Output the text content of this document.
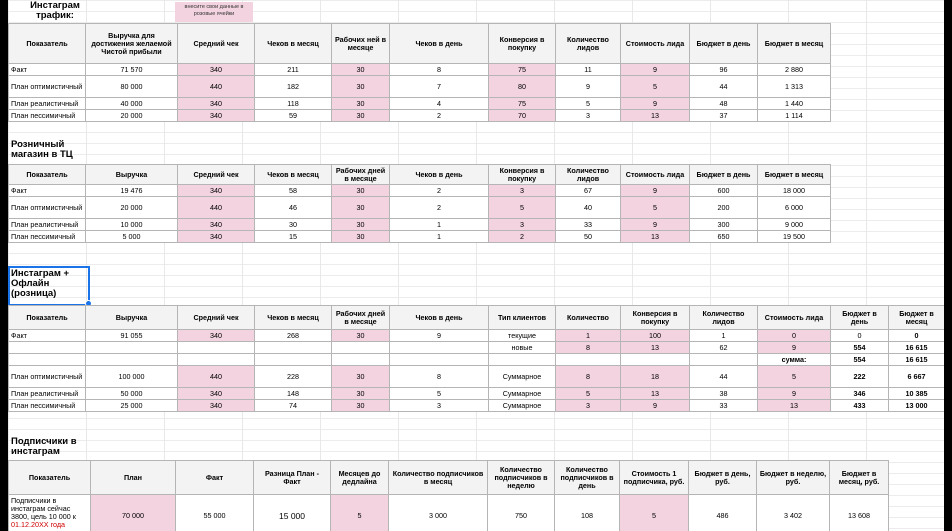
Инстаграм
трафик:
внесите свои данные в розовые ячейки
Показатель	Выручка для достижения желаемой Чистой прибыли	Средний чек	Чеков в месяц	Рабочих ней в месяце	Чеков в день	Конверсия в покупку	Количество лидов	Стоимость лида	Бюджет в день	Бюджет в месяц
Факт	71 570	340	211	30	8	75	11	9	96	2 880
План оптимистичный	80 000	440	182	30	7	80	9	5	44	1 313
План реалистичный	40 000	340	118	30	4	75	5	9	48	1 440
План пессимичный	20 000	340	59	30	2	70	3	13	37	1 114
Розничный
магазин в ТЦ
Показатель	Выручка	Средний чек	Чеков в месяц	Рабочих дней в месяце	Чеков в день	Конверсия в покупку	Количество лидов	Стоимость лида	Бюджет в день	Бюджет в месяц
Факт	19 476	340	58	30	2	3	67	9	600	18 000
План оптимистичный	20 000	440	46	30	2	5	40	5	200	6 000
План реалистичный	10 000	340	30	30	1	3	33	9	300	9 000
План пессимичный	5 000	340	15	30	1	2	50	13	650	19 500
Инстаграм +
Офлайн
(розница)
Показатель	Выручка	Средний чек	Чеков в месяц	Рабочих дней в месяце	Чеков в день	Тип клиентов	Количество	Конверсия в покупку	Количество лидов	Стоимость лида	Бюджет в день	Бюджет в месяц
Факт	91 055	340	268	30	9	текущие	1	100	1	0	0	0
						новые	8	13	62	9	554	16 615
										сумма:	554	16 615
План оптимистичный	100 000	440	228	30	8	Суммарное	8	18	44	5	222	6 667
План реалистичный	50 000	340	148	30	5	Суммарное	5	13	38	9	346	10 385
План пессимичный	25 000	340	74	30	3	Суммарное	3	9	33	13	433	13 000
Подписчики в
инстаграм
Показатель	План	Факт	Разница План - Факт	Месяцев до дедлайна	Количество подписчиков в месяц	Количество подписчиков в неделю	Количество подписчиков в день	Стоимость 1 подписчика, руб.	Бюджет в день, руб.	Бюджет в неделю, руб.	Бюджет в месяц, руб.
Подписчики в инстаграм сейчас 3800, цель 10 000 к 01.12.20ХХ года	70 000	55 000	15 000	5	3 000	750	108	5	486	3 402	13 608
